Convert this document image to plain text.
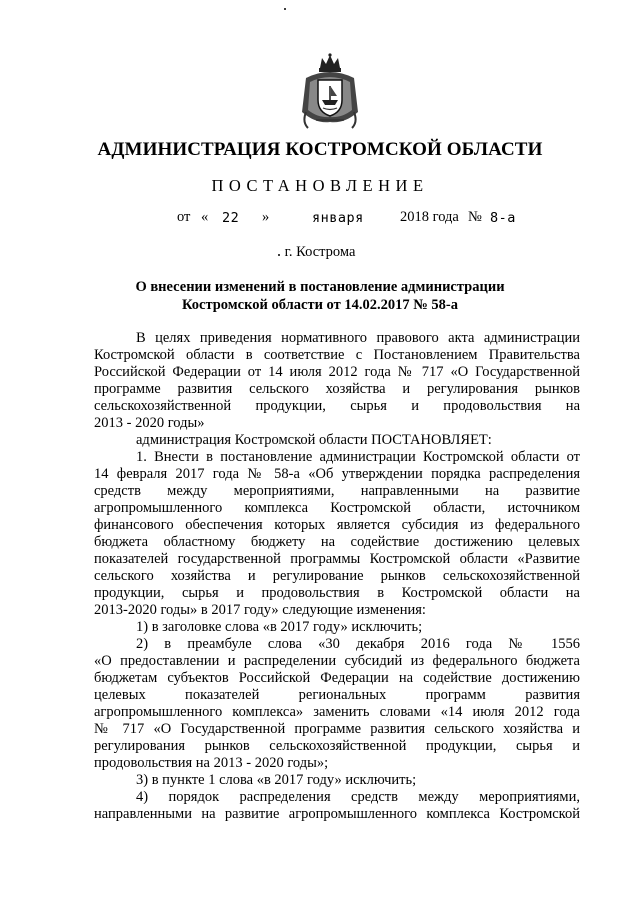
АДМИНИСТРАЦИЯ КОСТРОМСКОЙ ОБЛАСТИ
ПОСТАНОВЛЕНИЕ
от « 22 »	января 2018 года № 8-а
г. Кострома
О внесении изменений в постановление администрации
Костромской области от 14.02.2017 № 58-а
В целях приведения нормативного правового акта администрации
Костромской области в соответствие с Постановлением Правительства
Российской Федерации от 14 июля 2012 года № 717 «О Государственной
программе развития сельского хозяйства и регулирования рынков
сельскохозяйственной продукции, сырья и продовольствия на
2013 - 2020 годы»
администрация Костромской области ПОСТАНОВЛЯЕТ:
1. Внести в постановление администрации Костромской области от
14 февраля 2017 года № 58-а «Об утверждении порядка распределения
средств между мероприятиями, направленными на развитие
агропромышленного комплекса Костромской области, источником
финансового обеспечения которых является субсидия из федерального
бюджета областному бюджету на содействие достижению целевых
показателей государственной программы Костромской области «Развитие
сельского хозяйства и регулирование рынков сельскохозяйственной
продукции, сырья и продовольствия в Костромской области на
2013-2020 годы» в 2017 году» следующие изменения:
1) в заголовке слова «в 2017 году» исключить;
2) в преамбуле слова «30 декабря 2016 года № 1556
«О предоставлении и распределении субсидий из федерального бюджета
бюджетам субъектов Российской Федерации на содействие достижению
целевых показателей региональных программ развития
агропромышленного комплекса» заменить словами «14 июля 2012 года
№ 717 «О Государственной программе развития сельского хозяйства и
регулирования рынков сельскохозяйственной продукции, сырья и
продовольствия на 2013 - 2020 годы»;
3) в пункте 1 слова «в 2017 году» исключить;
4) порядок распределения средств между мероприятиями,
направленными на развитие агропромышленного комплекса Костромской
